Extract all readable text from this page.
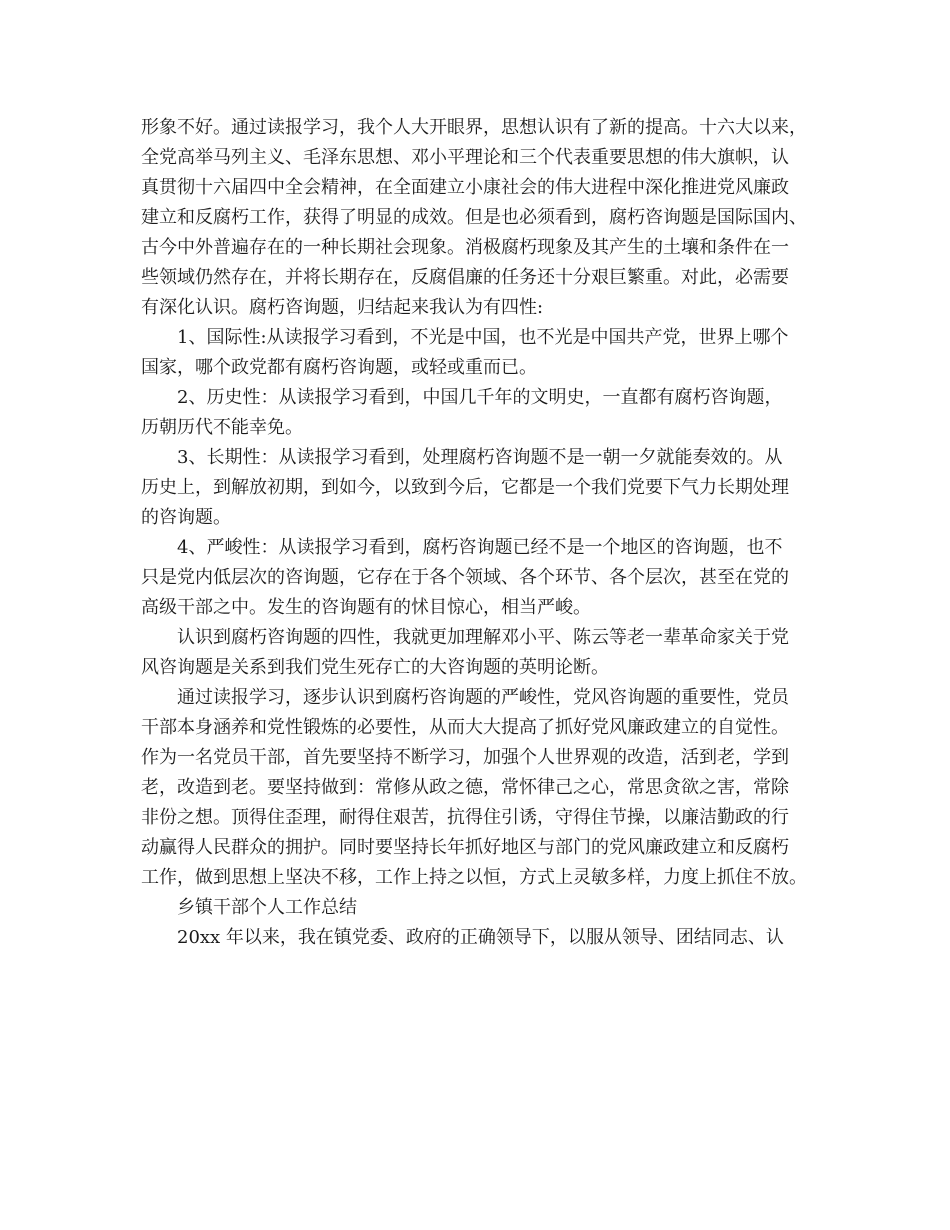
形象不好。通过读报学习，我个人大开眼界，思想认识有了新的提高。十六大以来，
全党高举马列主义、毛泽东思想、邓小平理论和三个代表重要思想的伟大旗帜，认
真贯彻十六届四中全会精神，在全面建立小康社会的伟大进程中深化推进党风廉政
建立和反腐朽工作，获得了明显的成效。但是也必须看到，腐朽咨询题是国际国内、
古今中外普遍存在的一种长期社会现象。消极腐朽现象及其产生的土壤和条件在一
些领域仍然存在，并将长期存在，反腐倡廉的任务还十分艰巨繁重。对此，必需要
有深化认识。腐朽咨询题，归结起来我认为有四性:
1、国际性:从读报学习看到，不光是中国，也不光是中国共产党，世界上哪个
国家，哪个政党都有腐朽咨询题，或轻或重而已。
2、历史性：从读报学习看到，中国几千年的文明史，一直都有腐朽咨询题，
历朝历代不能幸免。
3、长期性：从读报学习看到，处理腐朽咨询题不是一朝一夕就能奏效的。从
历史上，到解放初期，到如今，以致到今后，它都是一个我们党要下气力长期处理
的咨询题。
4、严峻性：从读报学习看到，腐朽咨询题已经不是一个地区的咨询题，也不
只是党内低层次的咨询题，它存在于各个领域、各个环节、各个层次，甚至在党的
高级干部之中。发生的咨询题有的怵目惊心，相当严峻。
认识到腐朽咨询题的四性，我就更加理解邓小平、陈云等老一辈革命家关于党
风咨询题是关系到我们党生死存亡的大咨询题的英明论断。
通过读报学习，逐步认识到腐朽咨询题的严峻性，党风咨询题的重要性，党员
干部本身涵养和党性锻炼的必要性，从而大大提高了抓好党风廉政建立的自觉性。
作为一名党员干部，首先要坚持不断学习，加强个人世界观的改造，活到老，学到
老，改造到老。要坚持做到：常修从政之德，常怀律己之心，常思贪欲之害，常除
非份之想。顶得住歪理，耐得住艰苦，抗得住引诱，守得住节操，以廉洁勤政的行
动赢得人民群众的拥护。同时要坚持长年抓好地区与部门的党风廉政建立和反腐朽
工作，做到思想上坚决不移，工作上持之以恒，方式上灵敏多样，力度上抓住不放。
乡镇干部个人工作总结
20xx 年以来，我在镇党委、政府的正确领导下，以服从领导、团结同志、认
